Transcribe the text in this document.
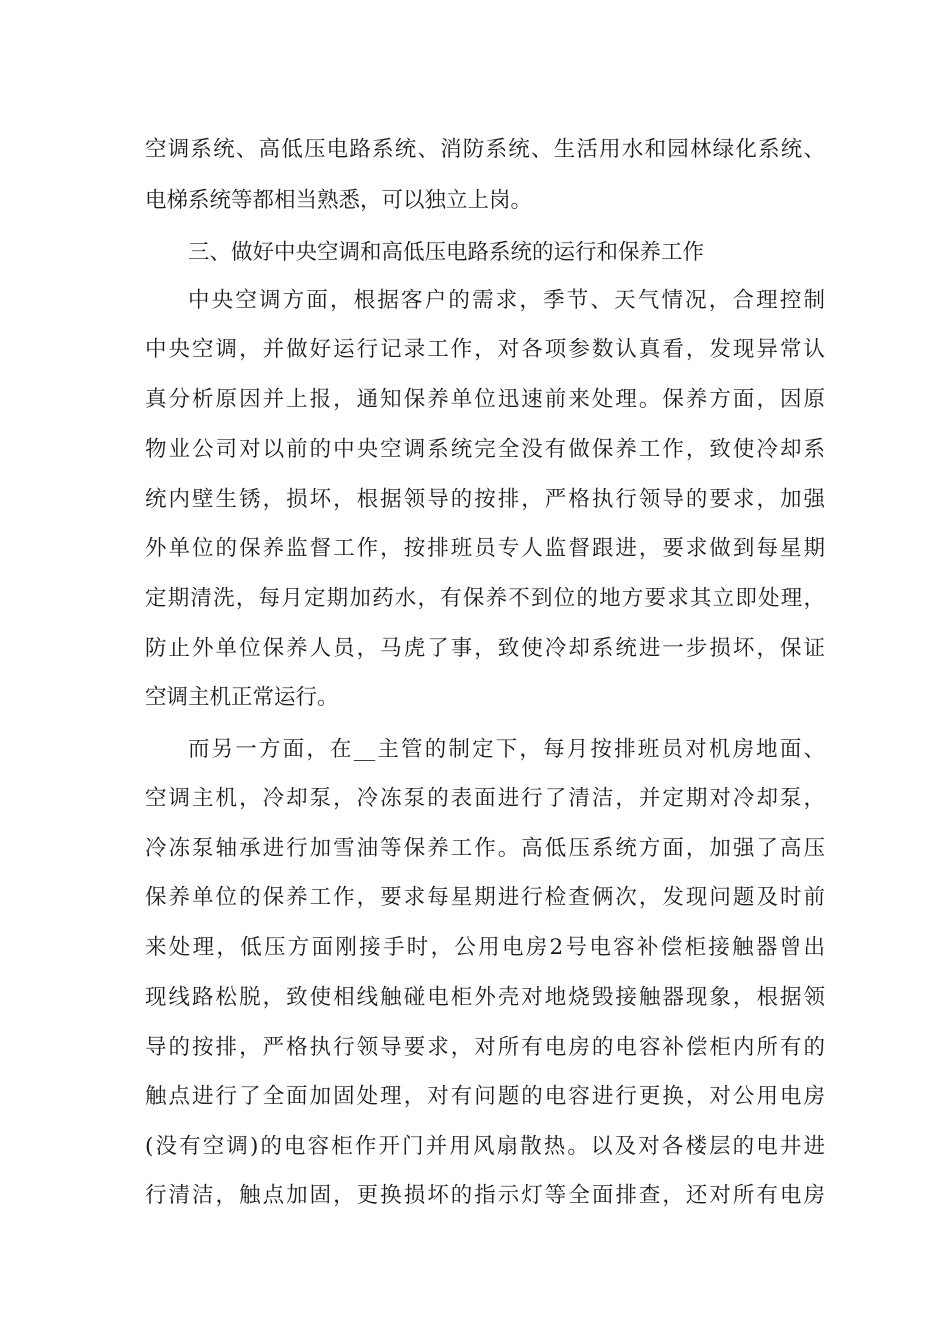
空调系统、高低压电路系统、消防系统、生活用水和园林绿化系统、
电梯系统等都相当熟悉，可以独立上岗。
三、做好中央空调和高低压电路系统的运行和保养工作
中央空调方面，根据客户的需求，季节、天气情况，合理控制
中央空调，并做好运行记录工作，对各项参数认真看，发现异常认
真分析原因并上报，通知保养单位迅速前来处理。保养方面，因原
物业公司对以前的中央空调系统完全没有做保养工作，致使冷却系
统内壁生锈，损坏，根据领导的按排，严格执行领导的要求，加强
外单位的保养监督工作，按排班员专人监督跟进，要求做到每星期
定期清洗，每月定期加药水，有保养不到位的地方要求其立即处理，
防止外单位保养人员，马虎了事，致使冷却系统进一步损坏，保证
空调主机正常运行。
而另一方面，在__主管的制定下，每月按排班员对机房地面、
空调主机，冷却泵，冷冻泵的表面进行了清洁，并定期对冷却泵，
冷冻泵轴承进行加雪油等保养工作。高低压系统方面，加强了高压
保养单位的保养工作，要求每星期进行检查俩次，发现问题及时前
来处理，低压方面刚接手时，公用电房2号电容补偿柜接触器曾出
现线路松脱，致使相线触碰电柜外壳对地烧毁接触器现象，根据领
导的按排，严格执行领导要求，对所有电房的电容补偿柜内所有的
触点进行了全面加固处理，对有问题的电容进行更换，对公用电房
(没有空调)的电容柜作开门并用风扇散热。以及对各楼层的电井进
行清洁，触点加固，更换损坏的指示灯等全面排查，还对所有电房
